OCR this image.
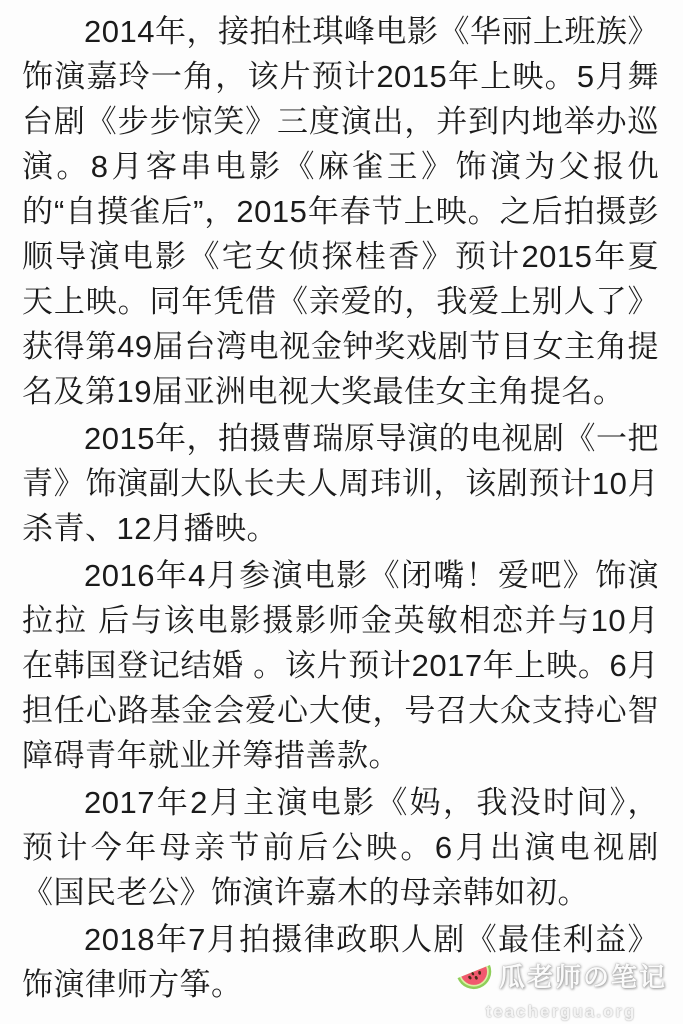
2014年，接拍杜琪峰电影《华丽上班族》饰演嘉玲一角，该片预计2015年上映。5月舞台剧《步步惊笑》三度演出，并到内地举办巡演。8月客串电影《麻雀王》饰演为父报仇的“自摸雀后”，2015年春节上映。之后拍摄彭顺导演电影《宅女侦探桂香》预计2015年夏天上映。同年凭借《亲爱的，我爱上别人了》获得第49届台湾电视金钟奖戏剧节目女主角提名及第19届亚洲电视大奖最佳女主角提名。

2015年，拍摄曹瑞原导演的电视剧《一把青》饰演副大队长夫人周玮训，该剧预计10月杀青、12月播映。

2016年4月参演电影《闭嘴！爱吧》饰演拉拉 后与该电影摄影师金英敏相恋并与10月在韩国登记结婚 。该片预计2017年上映。6月担任心路基金会爱心大使，号召大众支持心智障碍青年就业并筹措善款。

2017年2月主演电影《妈，我没时间》，预计今年母亲节前后公映。6月出演电视剧《国民老公》饰演许嘉木的母亲韩如初。

2018年7月拍摄律政职人剧《最佳利益》饰演律师方筝。	瓜老师の笔记
teachergua.org
